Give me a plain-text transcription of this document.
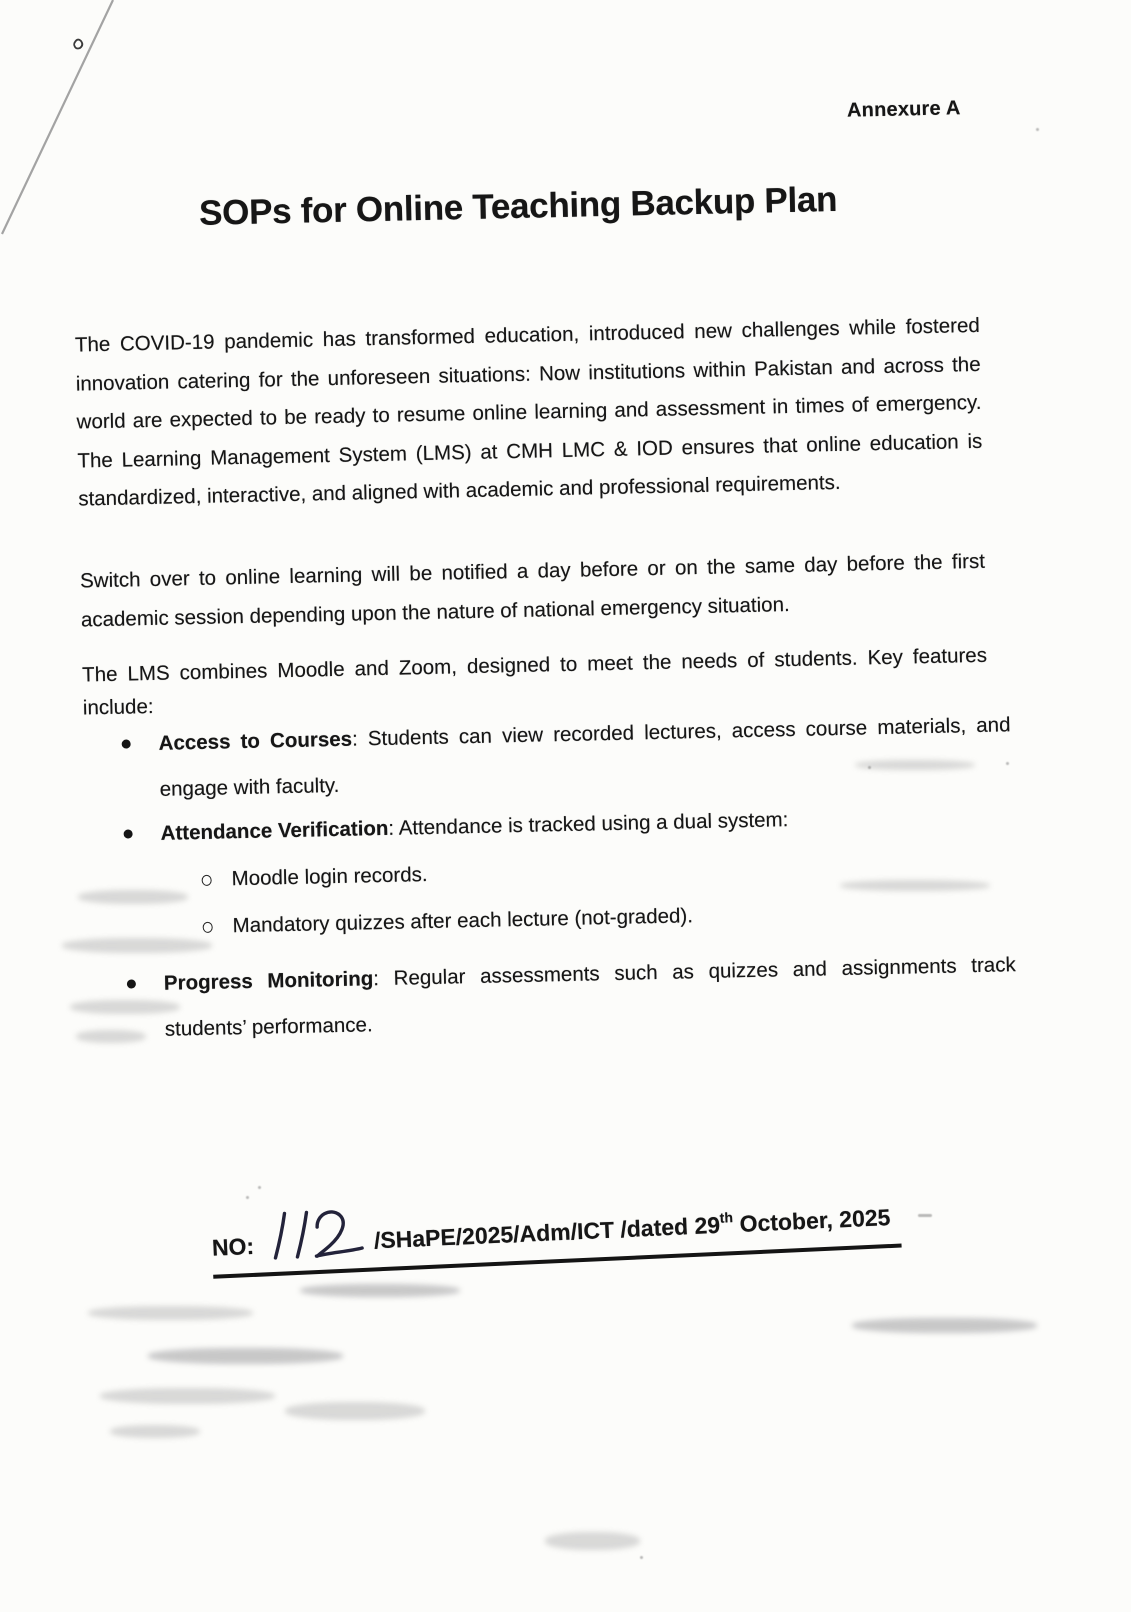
Annexure A
SOPs for Online Teaching Backup Plan
The COVID-19 pandemic has transformed education, introduced new challenges while fostered
innovation catering for the unforeseen situations: Now institutions within Pakistan and across the
world are expected to be ready to resume online learning and assessment in times of emergency.
The Learning Management System (LMS) at CMH LMC & IOD ensures that online education is
standardized, interactive, and aligned with academic and professional requirements.
Switch over to online learning will be notified a day before or on the same day before the first
academic session depending upon the nature of national emergency situation.
The LMS combines Moodle and Zoom, designed to meet the needs of students. Key features
include:
Access to Courses: Students can view recorded lectures, access course materials, and
engage with faculty.
Attendance Verification: Attendance is tracked using a dual system:
Moodle login records.
Mandatory quizzes after each lecture (not-graded).
Progress Monitoring: Regular assessments such as quizzes and assignments track
students’ performance.
NO:	/SHaPE/2025/Adm/ICT /dated 29th October, 2025
